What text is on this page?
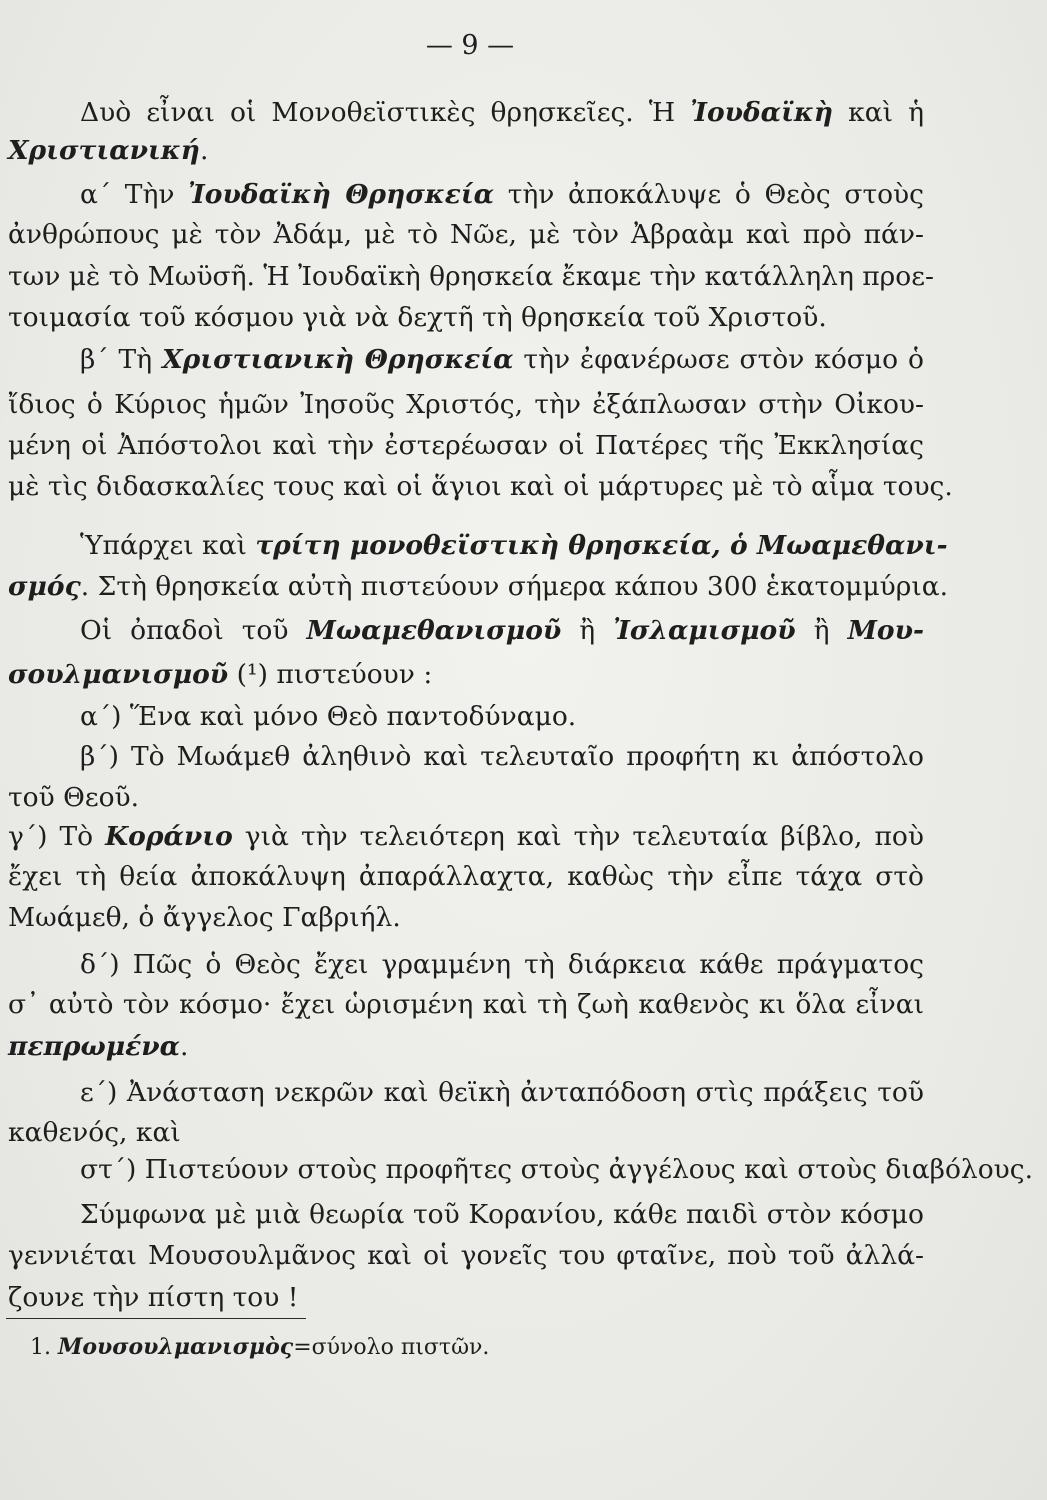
— 9 —
Δυὸ εἶναι οἱ Μονοθεϊστικὲς θρησκεῖες. Ἡ Ἰουδαϊκὴ καὶ ἡ
Χριστιανική.
α΄ Τὴν Ἰουδαϊκὴ Θρησκεία τὴν ἀποκάλυψε ὁ Θεὸς στοὺς
ἀνθρώπους μὲ τὸν Ἀδάμ, μὲ τὸ Νῶε, μὲ τὸν Ἀβραὰμ καὶ πρὸ πάν-
των μὲ τὸ Μωϋσῆ. Ἡ Ἰουδαϊκὴ θρησκεία ἔκαμε τὴν κατάλληλη προε-
τοιμασία τοῦ κόσμου γιὰ νὰ δεχτῆ τὴ θρησκεία τοῦ Χριστοῦ.
β΄ Τὴ Χριστιανικὴ Θρησκεία τὴν ἐφανέρωσε στὸν κόσμο ὁ
ἴδιος ὁ Κύριος ἡμῶν Ἰησοῦς Χριστός, τὴν ἐξάπλωσαν στὴν Οἰκου-
μένη οἱ Ἀπόστολοι καὶ τὴν ἐστερέωσαν οἱ Πατέρες τῆς Ἐκκλησίας
μὲ τὶς διδασκαλίες τους καὶ οἱ ἅγιοι καὶ οἱ μάρτυρες μὲ τὸ αἷμα τους.
Ὑπάρχει καὶ τρίτη μονοθεϊστικὴ θρησκεία, ὁ Μωαμεθανι-
σμός. Στὴ θρησκεία αὐτὴ πιστεύουν σήμερα κάπου 300 ἑκατομμύρια.
Οἱ ὀπαδοὶ τοῦ Μωαμεθανισμοῦ ἢ Ἰσλαμισμοῦ ἢ Μου-
σουλμανισμοῦ (¹) πιστεύουν :
α΄) Ἕνα καὶ μόνο Θεὸ παντοδύναμο.
β΄) Τὸ Μωάμεθ ἀληθινὸ καὶ τελευταῖο προφήτη κι ἀπόστολο
τοῦ Θεοῦ.
γ΄) Τὸ Κοράνιο γιὰ τὴν τελειότερη καὶ τὴν τελευταία βίβλο, ποὺ
ἔχει τὴ θεία ἀποκάλυψη ἀπαράλλαχτα, καθὼς τὴν εἶπε τάχα στὸ
Μωάμεθ, ὁ ἄγγελος Γαβριήλ.
δ΄) Πῶς ὁ Θεὸς ἔχει γραμμένη τὴ διάρκεια κάθε πράγματος
σ᾽ αὐτὸ τὸν κόσμο· ἔχει ὡρισμένη καὶ τὴ ζωὴ καθενὸς κι ὅλα εἶναι
πεπρωμένα.
ε΄) Ἀνάσταση νεκρῶν καὶ θεϊκὴ ἀνταπόδοση στὶς πράξεις τοῦ
καθενός, καὶ
στ΄) Πιστεύουν στοὺς προφῆτες στοὺς ἀγγέλους καὶ στοὺς διαβόλους.
Σύμφωνα μὲ μιὰ θεωρία τοῦ Κορανίου, κάθε παιδὶ στὸν κόσμο
γεννιέται Μουσουλμᾶνος καὶ οἱ γονεῖς του φταῖνε, ποὺ τοῦ ἀλλά-
ζουνε τὴν πίστη του !
1. Μουσουλμανισμὸς=σύνολο πιστῶν.
